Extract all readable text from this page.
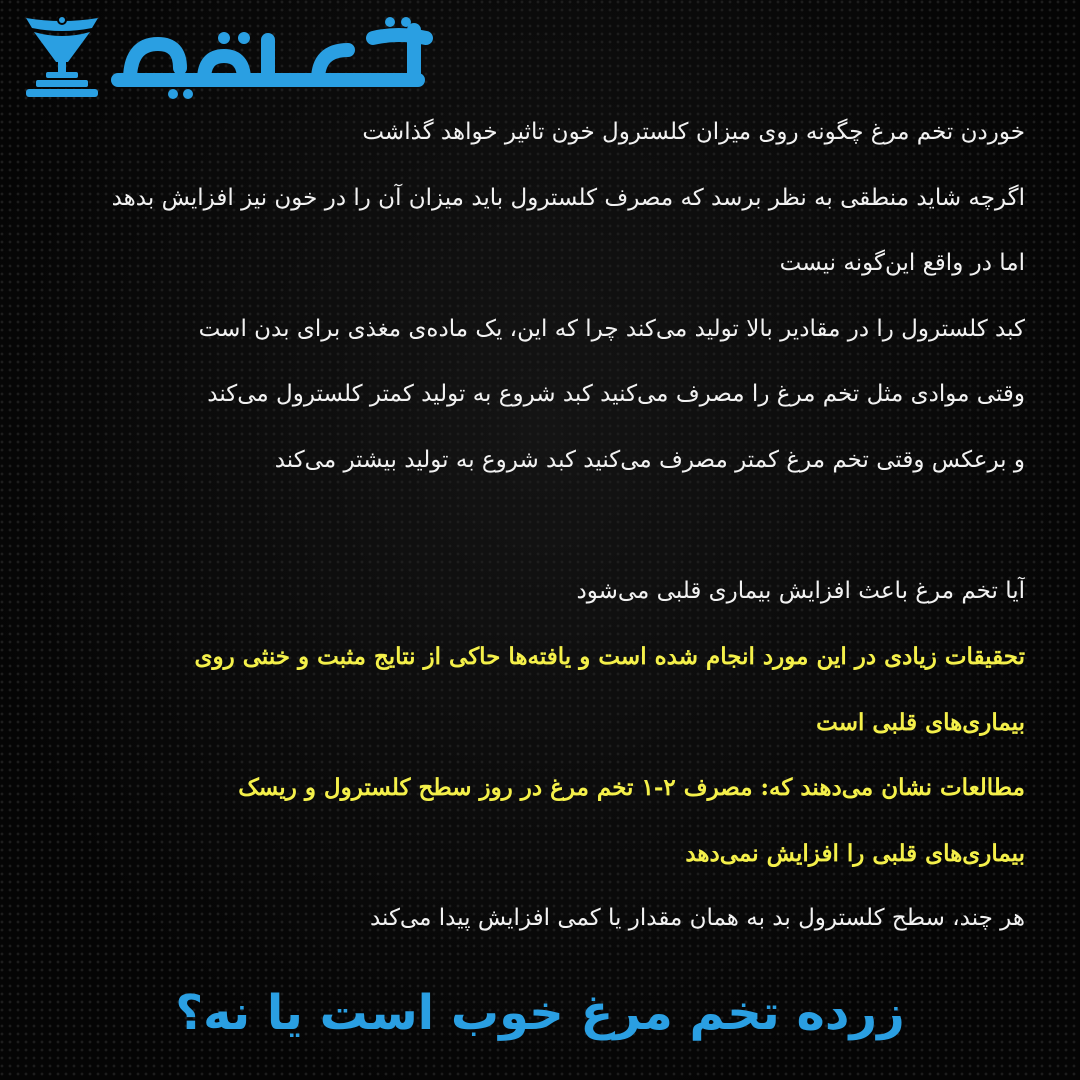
خوردن تخم مرغ چگونه روی میزان کلسترول خون تاثیر خواهد گذاشت
اگرچه شاید منطقی به نظر برسد که مصرف کلسترول باید میزان آن را در خون نیز افزایش بدهد
اما در واقع این‌گونه نیست
کبد کلسترول را در مقادیر بالا تولید می‌کند چرا که این، یک ماده‌ی مغذی برای بدن است
وقتی موادی مثل تخم مرغ را مصرف می‌کنید کبد شروع به تولید کمتر کلسترول می‌کند
و برعکس وقتی تخم مرغ کمتر مصرف می‌کنید کبد شروع به تولید بیشتر می‌کند
آیا تخم مرغ باعث افزایش بیماری قلبی می‌شود
تحقیقات زیادی در این مورد انجام شده است و یافته‌ها حاکی از نتایج مثبت و خنثی روی
بیماری‌های قلبی است
مطالعات نشان می‌دهند که: مصرف ۲-۱ تخم مرغ در روز سطح کلسترول و ریسک
بیماری‌های قلبی را افزایش نمی‌دهد
هر چند، سطح کلسترول بد به همان مقدار یا کمی افزایش پیدا می‌کند
زرده تخم مرغ خوب است یا نه؟
